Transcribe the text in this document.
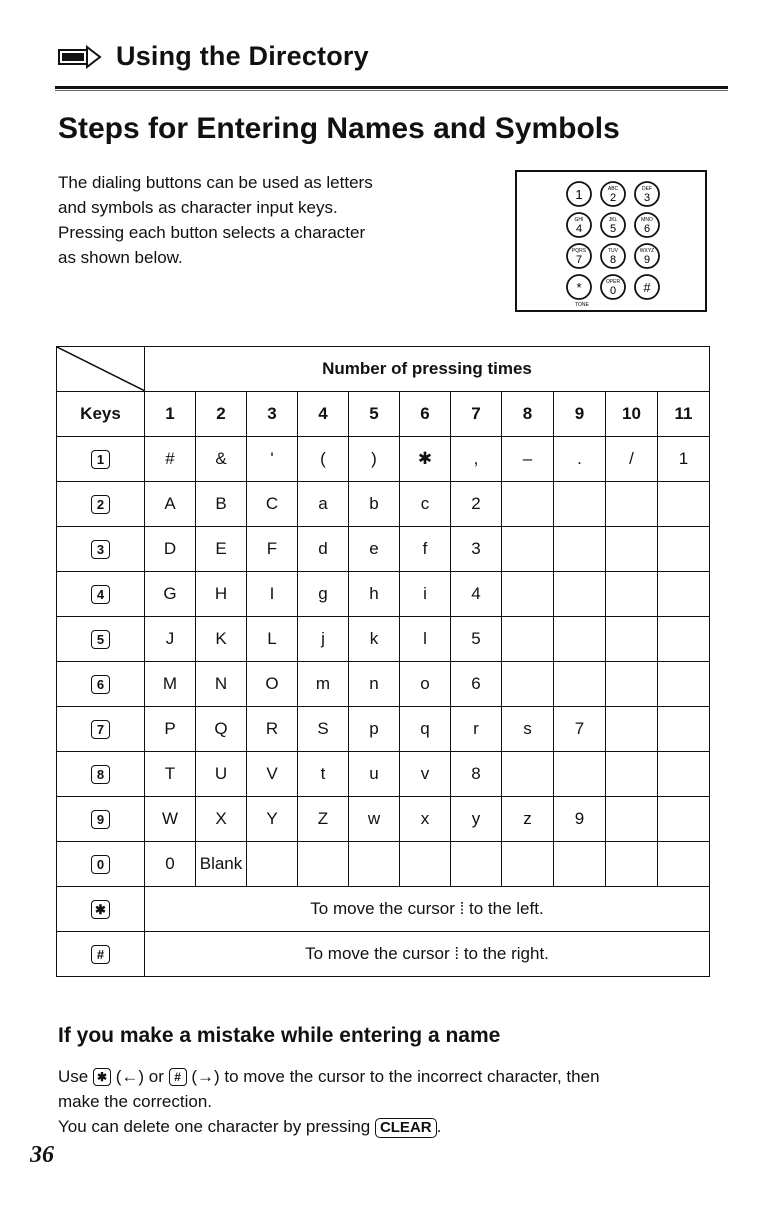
Using the Directory
Steps for Entering Names and Symbols
The dialing buttons can be used as letters
and symbols as character input keys.
Pressing each button selects a character
as shown below.
1	ABC
2
DEF
3
GHI
4
JKL
5
MNO
6
PQRS
7
TUV
8
WXYZ
9
*	OPER
0 #
TONE
	Number of pressing times										
Keys	1	2	3	4	5	6	7	8	9	10	11
1	#	&	'	(	)	✱	,	–	.	/	1
2	A	B	C	a	b	c	2				
3	D	E	F	d	e	f	3				
4	G	H	I	g	h	i	4				
5	J	K	L	j	k	l	5				
6	M	N	O	m	n	o	6				
7	P	Q	R	S	p	q	r	s	7		
8	T	U	V	t	u	v	8				
9	W	X	Y	Z	w	x	y	z	9		
0	0	Blank									
✱	To move the cursor ⁞ to the left.										
#	To move the cursor ⁞ to the right.										
If you make a mistake while entering a name
Use ✱ (←) or # (→) to move the cursor to the incorrect character, then
make the correction.
You can delete one character by pressing CLEAR .
36
